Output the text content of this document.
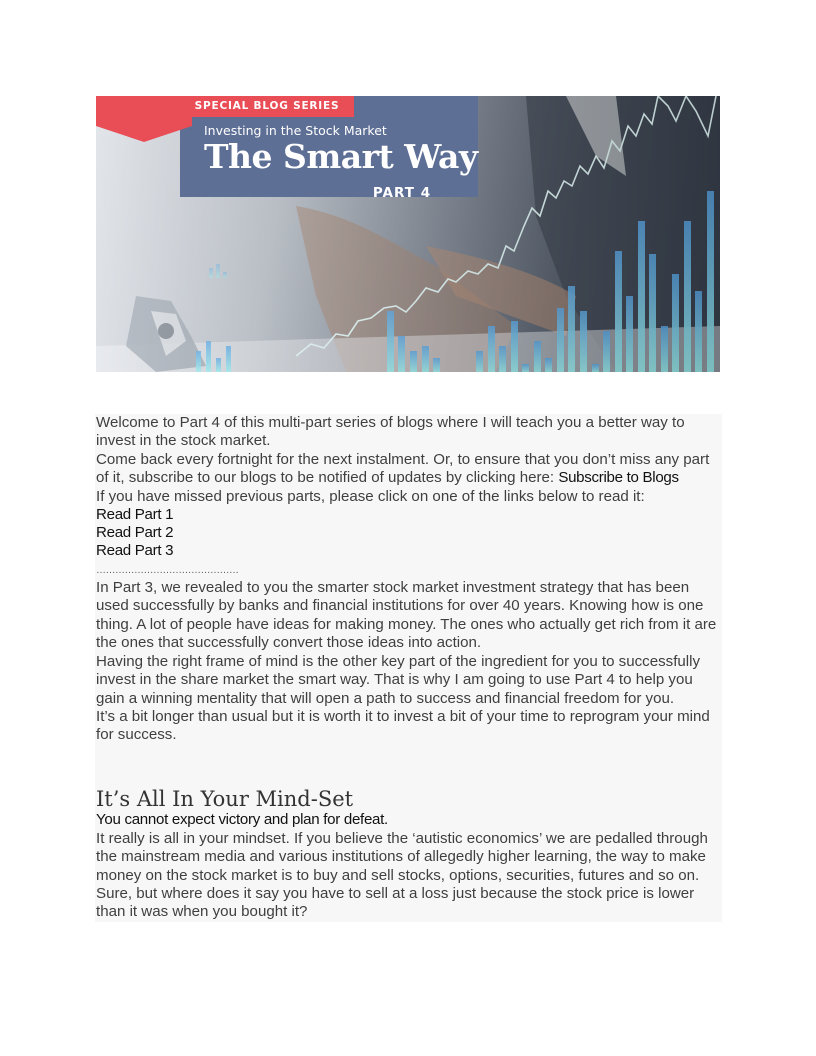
SPECIAL BLOG SERIES
Investing in the Stock Market
The Smart Way
PART 4

Welcome to Part 4 of this multi-part series of blogs where I will teach you a better way to invest in the stock market.

Come back every fortnight for the next instalment. Or, to ensure that you don’t miss any part
of it, subscribe to our blogs to be notified of updates by clicking here: Subscribe to Blogs

If you have missed previous parts, please click on one of the links below to read it:

Read Part 1

Read Part 2

Read Part 3

………………………………………

In Part 3, we revealed to you the smarter stock market investment strategy that has been used successfully by banks and financial institutions for over 40 years. Knowing how is one thing. A lot of people have ideas for making money. The ones who actually get rich from it are the ones that successfully convert those ideas into action.

Having the right frame of mind is the other key part of the ingredient for you to successfully invest in the share market the smart way. That is why I am going to use Part 4 to help you gain a winning mentality that will open a path to success and financial freedom for you.

It’s a bit longer than usual but it is worth it to invest a bit of your time to reprogram your mind for success.

It’s All In Your Mind-Set

You cannot expect victory and plan for defeat.

It really is all in your mindset. If you believe the ‘autistic economics’ we are pedalled through the mainstream media and various institutions of allegedly higher learning, the way to make money on the stock market is to buy and sell stocks, options, securities, futures and so on. Sure, but where does it say you have to sell at a loss just because the stock price is lower than it was when you bought it?
